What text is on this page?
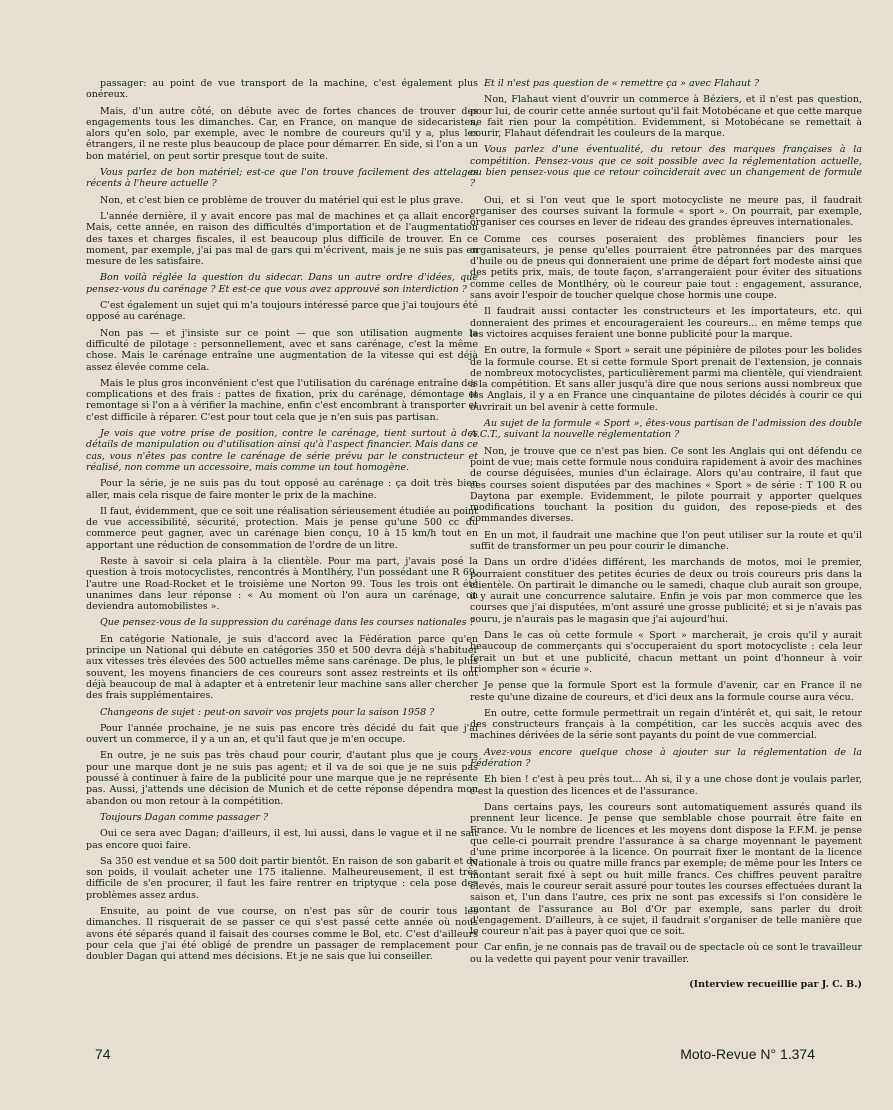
passager: au point de vue transport de la machine, c'est également plus onéreux.

Mais, d'un autre côté, on débute avec de fortes chances de trouver des engagements tous les dimanches. Car, en France, on manque de sidecaristes, alors qu'en solo, par exemple, avec le nombre de coureurs qu'il y a, plus les étrangers, il ne reste plus beaucoup de place pour démarrer. En side, si l'on a un bon matériel, on peut sortir presque tout de suite.

Vous parlez de bon matériel; est-ce que l'on trouve facilement des attelages récents à l'heure actuelle ?

Non, et c'est bien ce problème de trouver du matériel qui est le plus grave.

L'année dernière, il y avait encore pas mal de machines et ça allait encore. Mais, cette année, en raison des difficultés d'importation et de l'augmentation des taxes et charges fiscales, il est beaucoup plus difficile de trouver. En ce moment, par exemple, j'ai pas mal de gars qui m'écrivent, mais je ne suis pas en mesure de les satisfaire.

Bon voilà réglée la question du sidecar. Dans un autre ordre d'idées, que pensez-vous du carénage ? Et est-ce que vous avez approuvé son interdiction ?

C'est également un sujet qui m'a toujours intéressé parce que j'ai toujours été opposé au carénage.

Non pas — et j'insiste sur ce point — que son utilisation augmente la difficulté de pilotage : personnellement, avec et sans carénage, c'est la même chose. Mais le carénage entraîne une augmentation de la vitesse qui est déjà assez élevée comme cela.

Mais le plus gros inconvénient c'est que l'utilisation du carénage entraîne des complications et des frais : pattes de fixation, prix du carénage, démontage et remontage si l'on a à vérifier la machine, enfin c'est encombrant à transporter et c'est difficile à réparer. C'est pour tout cela que je n'en suis pas partisan.

Je vois que votre prise de position, contre le carénage, tient surtout à des détails de manipulation ou d'utilisation ainsi qu'à l'aspect financier. Mais dans ce cas, vous n'êtes pas contre le carénage de série prévu par le constructeur et réalisé, non comme un accessoire, mais comme un tout homogène.

Pour la série, je ne suis pas du tout opposé au carénage : ça doit très bien aller, mais cela risque de faire monter le prix de la machine.

Il faut, évidemment, que ce soit une réalisation sérieusement étudiée au point de vue accessibilité, sécurité, protection. Mais je pense qu'une 500 cc du commerce peut gagner, avec un carénage bien conçu, 10 à 15 km/h tout en apportant une réduction de consommation de l'ordre de un litre.

Reste à savoir si cela plaira à la clientèle. Pour ma part, j'avais posé la question à trois motocyclistes, rencontrés à Montlhéry, l'un possédant une R 69, l'autre une Road-Rocket et le troisième une Norton 99. Tous les trois ont été unanimes dans leur réponse : « Au moment où l'on aura un carénage, on deviendra automobilistes ».

Que pensez-vous de la suppression du carénage dans les courses nationales ?

En catégorie Nationale, je suis d'accord avec la Fédération parce qu'en principe un National qui débute en catégories 350 et 500 devra déjà s'habituer aux vitesses très élevées des 500 actuelles même sans carénage. De plus, le plus souvent, les moyens financiers de ces coureurs sont assez restreints et ils ont déjà beaucoup de mal à adapter et à entretenir leur machine sans aller chercher des frais supplémentaires.

Changeons de sujet : peut-on savoir vos projets pour la saison 1958 ?

Pour l'année prochaine, je ne suis pas encore très décidé du fait que j'ai ouvert un commerce, il y a un an, et qu'il faut que je m'en occupe.

En outre, je ne suis pas très chaud pour courir, d'autant plus que je cours pour une marque dont je ne suis pas agent; et il va de soi que je ne suis pas poussé à continuer à faire de la publicité pour une marque que je ne représente pas. Aussi, j'attends une décision de Munich et de cette réponse dépendra mon abandon ou mon retour à la compétition.

Toujours Dagan comme passager ?

Oui ce sera avec Dagan; d'ailleurs, il est, lui aussi, dans le vague et il ne sait pas encore quoi faire.

Sa 350 est vendue et sa 500 doit partir bientôt. En raison de son gabarit et de son poids, il voulait acheter une 175 italienne. Malheureusement, il est très difficile de s'en procurer, il faut les faire rentrer en triptyque : cela pose des problèmes assez ardus.

Ensuite, au point de vue course, on n'est pas sûr de courir tous les dimanches. Il risquerait de se passer ce qui s'est passé cette année où nous avons été séparés quand il faisait des courses comme le Bol, etc. C'est d'ailleurs pour cela que j'ai été obligé de prendre un passager de remplacement pour doubler Dagan qui attend mes décisions. Et je ne sais que lui conseiller.

Et il n'est pas question de « remettre ça » avec Flahaut ?

Non, Flahaut vient d'ouvrir un commerce à Béziers, et il n'est pas question, pour lui, de courir cette année surtout qu'il fait Motobécane et que cette marque ne fait rien pour la compétition. Evidemment, si Motobécane se remettait à courir, Flahaut défendrait les couleurs de la marque.

Vous parlez d'une éventualité, du retour des marques françaises à la compétition. Pensez-vous que ce soit possible avec la réglementation actuelle, ou bien pensez-vous que ce retour coïnciderait avec un changement de formule ?

Oui, et si l'on veut que le sport motocycliste ne meure pas, il faudrait organiser des courses suivant la formule « sport ». On pourrait, par exemple, organiser ces courses en lever de rideau des grandes épreuves internationales.

Comme ces courses poseraient des problèmes financiers pour les organisateurs, je pense qu'elles pourraient être patronnées par des marques d'huile ou de pneus qui donneraient une prime de départ fort modeste ainsi que des petits prix, mais, de toute façon, s'arrangeraient pour éviter des situations comme celles de Montlhéry, où le coureur paie tout : engagement, assurance, sans avoir l'espoir de toucher quelque chose hormis une coupe.

Il faudrait aussi contacter les constructeurs et les importateurs, etc. qui donneraient des primes et encourageraient les coureurs... en même temps que les victoires acquises feraient une bonne publicité pour la marque.

En outre, la formule « Sport » serait une pépinière de pilotes pour les bolides de la formule course. Et si cette formule Sport prenait de l'extension, je connais de nombreux motocyclistes, particulièrement parmi ma clientèle, qui viendraient à la compétition. Et sans aller jusqu'à dire que nous serions aussi nombreux que les Anglais, il y a en France une cinquantaine de pilotes décidés à courir ce qui ouvrirait un bel avenir à cette formule.

Au sujet de la formule « Sport », êtes-vous partisan de l'admission des double A.C.T., suivant la nouvelle réglementation ?

Non, je trouve que ce n'est pas bien. Ce sont les Anglais qui ont défendu ce point de vue; mais cette formule nous conduira rapidement à avoir des machines de course déguisées, munies d'un éclairage. Alors qu'au contraire, il faut que ces courses soient disputées par des machines « Sport » de série : T 100 R ou Daytona par exemple. Evidemment, le pilote pourrait y apporter quelques modifications touchant la position du guidon, des repose-pieds et des commandes diverses.

En un mot, il faudrait une machine que l'on peut utiliser sur la route et qu'il suffit de transformer un peu pour courir le dimanche.

Dans un ordre d'idées différent, les marchands de motos, moi le premier, pourraient constituer des petites écuries de deux ou trois coureurs pris dans la clientèle. On partirait le dimanche ou le samedi, chaque club aurait son groupe, il y aurait une concurrence salutaire. Enfin je vois par mon commerce que les courses que j'ai disputées, m'ont assuré une grosse publicité; et si je n'avais pas couru, je n'aurais pas le magasin que j'ai aujourd'hui.

Dans le cas où cette formule « Sport » marcherait, je crois qu'il y aurait beaucoup de commerçants qui s'occuperaient du sport motocycliste : cela leur ferait un but et une publicité, chacun mettant un point d'honneur à voir triompher son « écurie ».

Je pense que la formule Sport est la formule d'avenir, car en France il ne reste qu'une dizaine de coureurs, et d'ici deux ans la formule course aura vécu.

En outre, cette formule permettrait un regain d'intérêt et, qui sait, le retour des constructeurs français à la compétition, car les succès acquis avec des machines dérivées de la série sont payants du point de vue commercial.

Avez-vous encore quelque chose à ajouter sur la réglementation de la Fédération ?

Eh bien ! c'est à peu près tout... Ah si, il y a une chose dont je voulais parler, c'est la question des licences et de l'assurance.

Dans certains pays, les coureurs sont automatiquement assurés quand ils prennent leur licence. Je pense que semblable chose pourrait être faite en France. Vu le nombre de licences et les moyens dont dispose la F.F.M. je pense que celle-ci pourrait prendre l'assurance à sa charge moyennant le payement d'une prime incorporée à la licence. On pourrait fixer le montant de la licence Nationale à trois ou quatre mille francs par exemple; de même pour les Inters ce montant serait fixé à sept ou huit mille francs. Ces chiffres peuvent paraître élevés, mais le coureur serait assuré pour toutes les courses effectuées durant la saison et, l'un dans l'autre, ces prix ne sont pas excessifs si l'on considère le montant de l'assurance au Bol d'Or par exemple, sans parler du droit d'engagement. D'ailleurs, à ce sujet, il faudrait s'organiser de telle manière que le coureur n'ait pas à payer quoi que ce soit.

Car enfin, je ne connais pas de travail ou de spectacle où ce sont le travailleur ou la vedette qui payent pour venir travailler.

(Interview recueillie par J. C. B.)

74	Moto-Revue N° 1.374
